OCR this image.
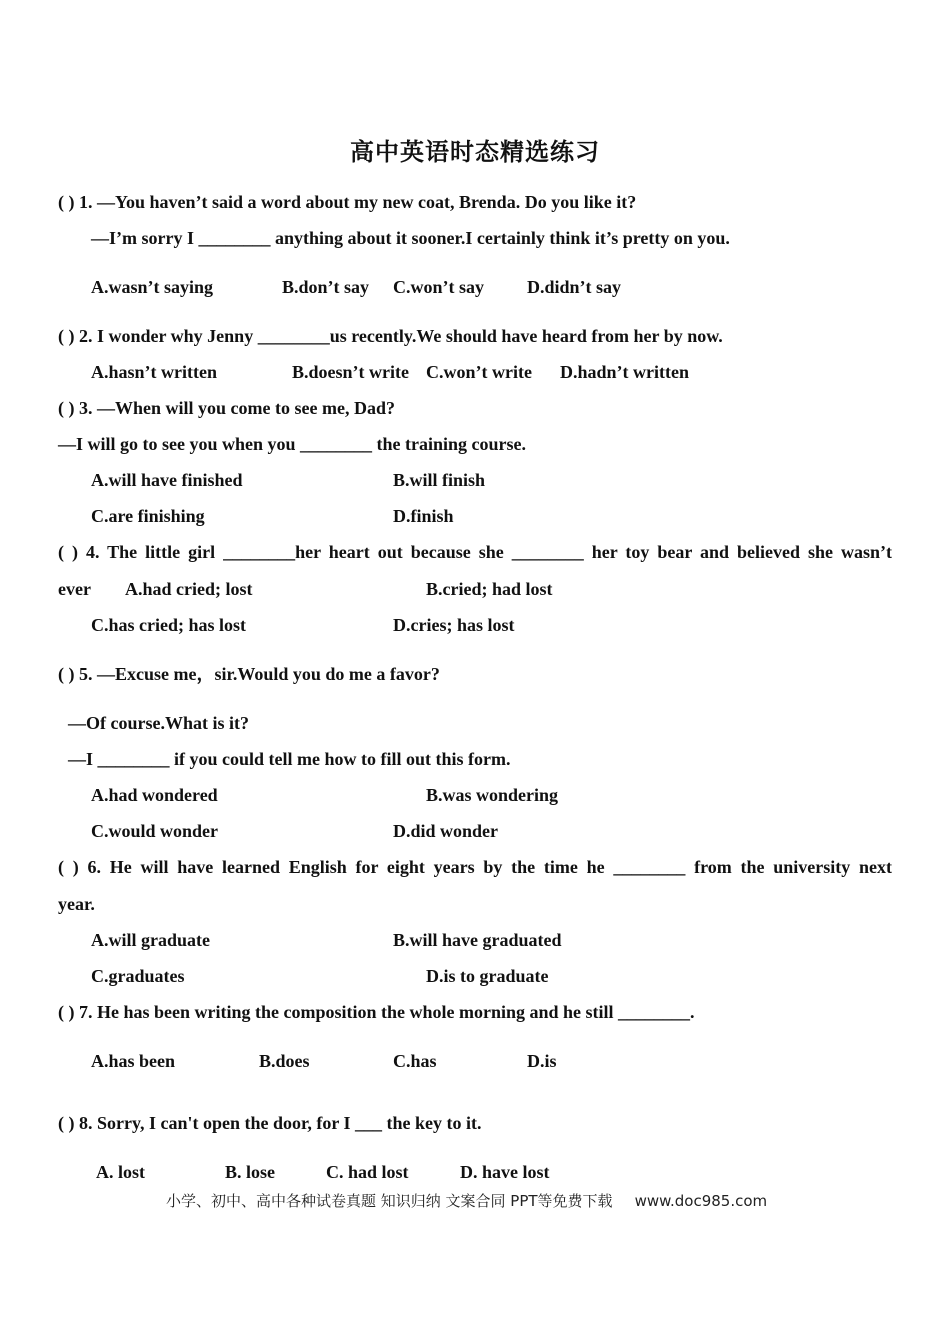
高中英语时态精选练习
( ) 1. —You haven’t said a word about my new coat, Brenda. Do you like it?
—I’m sorry I ________ anything about it sooner.I certainly think it’s pretty on you.
A.wasn’t saying	B.don’t say C.won’t say D.didn’t say
( ) 2. I wonder why Jenny ________us recently.We should have heard from her by now.
A.hasn’t written	B.doesn’t write C.won’t write D.hadn’t written
( ) 3. —When will you come to see me, Dad?
—I will go to see you when you ________ the training course.
A.will have finished	B.will finish
C.are finishing	D.finish
( ) 4. The little girl ________her heart out because she ________ her toy bear and believed she wasn’t
ever A.had cried; lost	B.cried; had lost
C.has cried; has lost	D.cries; has lost
( ) 5. —Excuse me，sir.Would you do me a favor?
—Of course.What is it?
—I ________ if you could tell me how to fill out this form.
A.had wondered	B.was wondering
C.would wonder	D.did wonder
( ) 6. He will have learned English for eight years by the time he ________ from the university next
year.
A.will graduate	B.will have graduated
C.graduates	D.is to graduate
( ) 7. He has been writing the composition the whole morning and he still ________.
A.has been	B.does	C.has	D.is
( ) 8. Sorry, I can't open the door, for I ___ the key to it.
A. lost	B. lose	C. had lost	D. have lost
小学、初中、高中各种试卷真题 知识归纳 文案合同 PPT等免费下载 www.doc985.com
